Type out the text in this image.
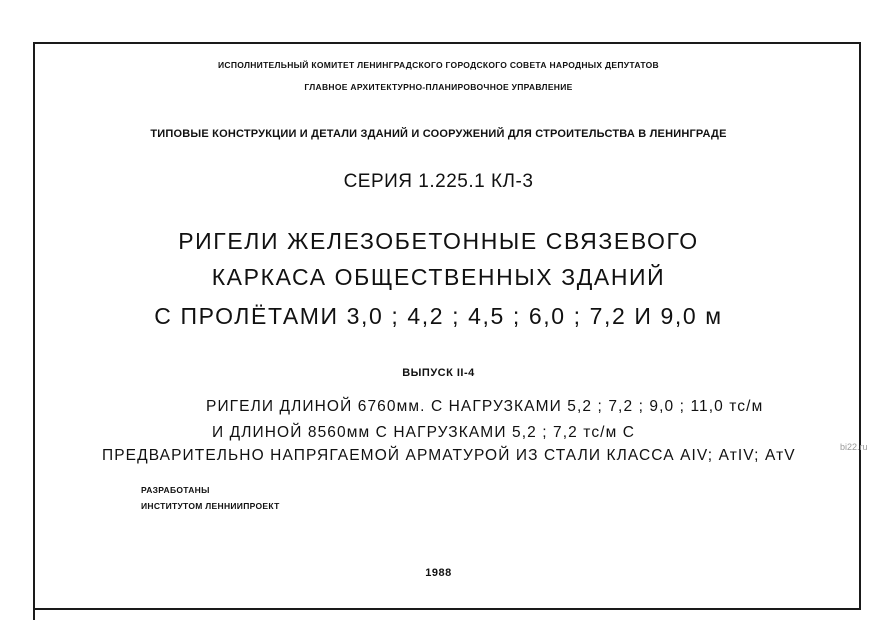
ИСПОЛНИТЕЛЬНЫЙ КОМИТЕТ ЛЕНИНГРАДСКОГО ГОРОДСКОГО СОВЕТА НАРОДНЫХ ДЕПУТАТОВ

ГЛАВНОЕ АРХИТЕКТУРНО-ПЛАНИРОВОЧНОЕ УПРАВЛЕНИЕ

ТИПОВЫЕ КОНСТРУКЦИИ И ДЕТАЛИ ЗДАНИЙ И СООРУЖЕНИЙ ДЛЯ СТРОИТЕЛЬСТВА В ЛЕНИНГРАДЕ

СЕРИЯ 1.225.1 КЛ-3

РИГЕЛИ ЖЕЛЕЗОБЕТОННЫЕ СВЯЗЕВОГО

КАРКАСА ОБЩЕСТВЕННЫХ ЗДАНИЙ

С ПРОЛЁТАМИ 3,0 ; 4,2 ; 4,5 ; 6,0 ; 7,2 И 9,0 м

ВЫПУСК II-4

РИГЕЛИ ДЛИНОЙ 6760мм. С НАГРУЗКАМИ 5,2 ; 7,2 ; 9,0 ; 11,0 тс/м

И ДЛИНОЙ 8560мм С НАГРУЗКАМИ 5,2 ; 7,2 тс/м С

ПРЕДВАРИТЕЛЬНО НАПРЯГАЕМОЙ АРМАТУРОЙ ИЗ СТАЛИ КЛАССА АIV; АтIV; АтV

РАЗРАБОТАНЫ

ИНСТИТУТОМ ЛЕННИИПРОЕКТ

1988

bi22.ru
